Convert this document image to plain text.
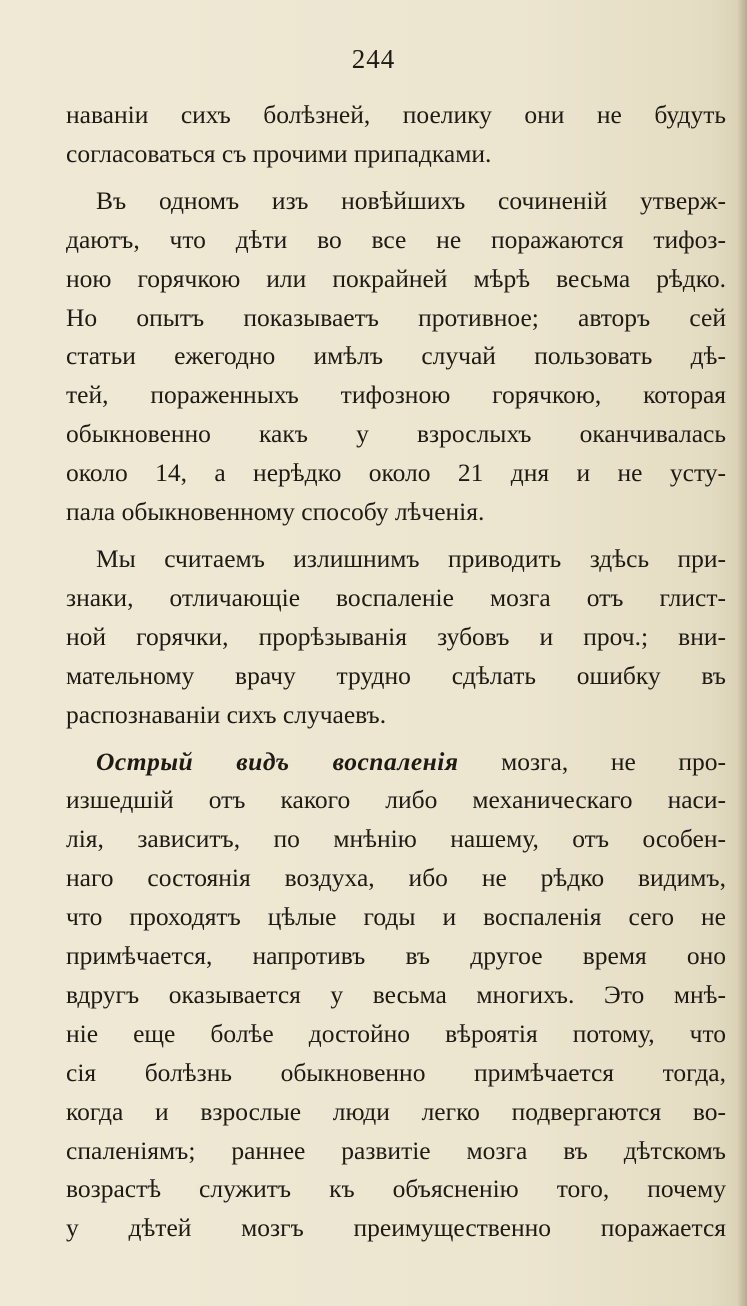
244
наваніи сихъ болѣзней, поелику они не будуть
согласоваться съ прочими припадками.
Въ одномъ изъ новѣйшихъ сочиненій утверж-
даютъ, что дѣти во все не поражаются тифоз-
ною горячкою или покрайней мѣрѣ весьма рѣдко.
Но опытъ показываетъ противное; авторъ сей
статьи ежегодно имѣлъ случай пользовать дѣ-
тей, пораженныхъ тифозною горячкою, которая
обыкновенно какъ у взрослыхъ оканчивалась
около 14, а нерѣдко около 21 дня и не усту-
пала обыкновенному способу лѣченія.
Мы считаемъ излишнимъ приводить здѣсь при-
знаки, отличающіе воспаленіе мозга отъ глист-
ной горячки, прорѣзыванія зубовъ и проч.; вни-
мательному врачу трудно сдѣлать ошибку въ
распознаваніи сихъ случаевъ.
Острый видъ воспаленія мозга, не про-
изшедшій отъ какого либо механическаго наси-
лія, зависитъ, по мнѣнію нашему, отъ особен-
наго состоянія воздуха, ибо не рѣдко видимъ,
что проходятъ цѣлые годы и воспаленія сего не
примѣчается, напротивъ въ другое время оно
вдругъ оказывается у весьма многихъ. Это мнѣ-
ніе еще болѣе достойно вѣроятія потому, что
сія болѣзнь обыкновенно примѣчается тогда,
когда и взрослые люди легко подвергаются во-
спаленіямъ; раннее развитіе мозга въ дѣтскомъ
возрастѣ служитъ къ объясненію того, почему
у дѣтей мозгъ преимущественно поражается
